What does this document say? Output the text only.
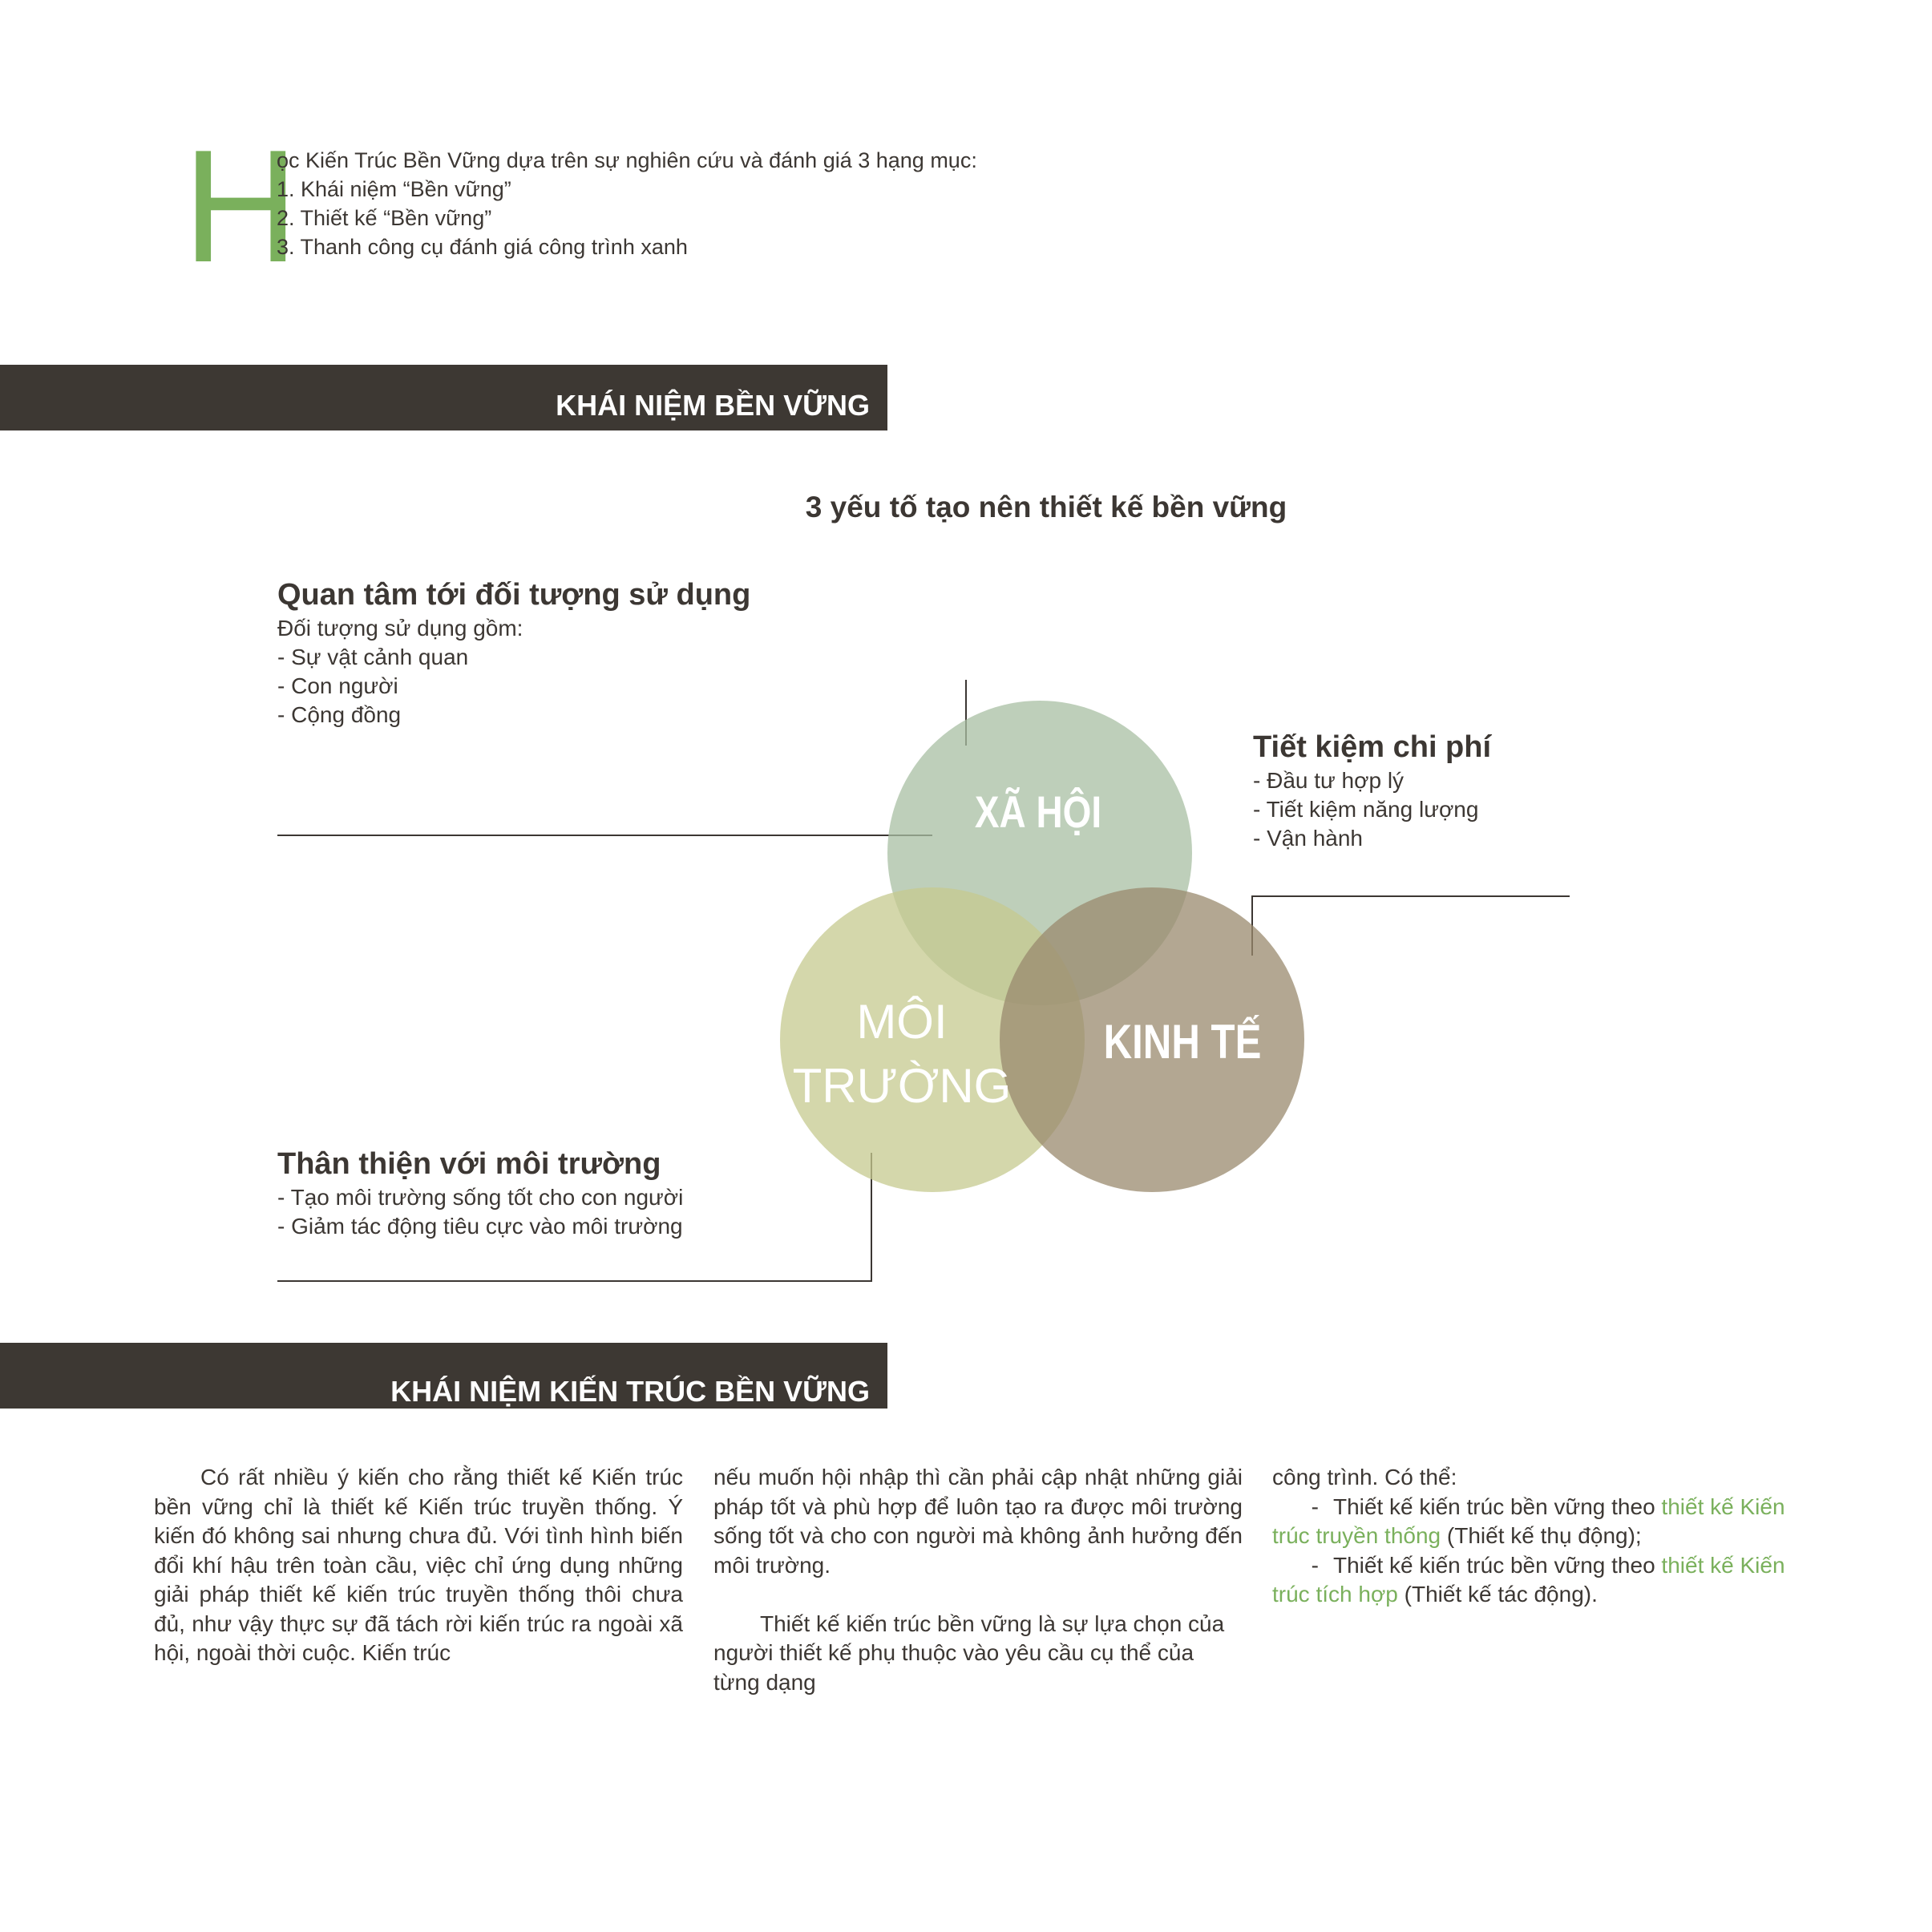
H
ọc Kiến Trúc Bền Vững dựa trên sự nghiên cứu và đánh giá 3 hạng mục:
1. Khái niệm “Bền vững”
2. Thiết kế “Bền vững”
3. Thanh công cụ đánh giá công trình xanh
KHÁI NIỆM BỀN VỮNG
3 yếu tố tạo nên thiết kế bền vững
XÃ HỘI
KINH TẾ
MÔI
TRƯỜNG
Quan tâm tới đối tượng sử dụng
Đối tượng sử dụng gồm:
- Sự vật cảnh quan
- Con người
- Cộng đồng
Tiết kiệm chi phí
- Đầu tư hợp lý
- Tiết kiệm năng lượng
- Vận hành
Thân thiện với môi trường
- Tạo môi trường sống tốt cho con người
- Giảm tác động tiêu cực vào môi trường
KHÁI NIỆM KIẾN TRÚC BỀN VỮNG

Có rất nhiều ý kiến cho rằng thiết kế Kiến trúc bền vững chỉ là thiết kế Kiến trúc truyền thống. Ý kiến đó không sai nhưng chưa đủ. Với tình hình biến đổi khí hậu trên toàn cầu, việc chỉ ứng dụng những giải pháp thiết kế kiến trúc truyền thống thôi chưa đủ, như vậy thực sự đã tách rời kiến trúc ra ngoài xã hội, ngoài thời cuộc. Kiến trúc

nếu muốn hội nhập thì cần phải cập nhật những giải pháp tốt và phù hợp để luôn tạo ra được môi trường sống tốt và cho con người mà không ảnh hưởng đến môi trường.

Thiết kế kiến trúc bền vững là sự lựa chọn của người thiết kế phụ thuộc vào yêu cầu cụ thể của từng dạng

công trình. Có thể:

- Thiết kế kiến trúc bền vững theo thiết kế Kiến trúc truyền thống (Thiết kế thụ động);

- Thiết kế kiến trúc bền vững theo thiết kế Kiến trúc tích hợp (Thiết kế tác động).
